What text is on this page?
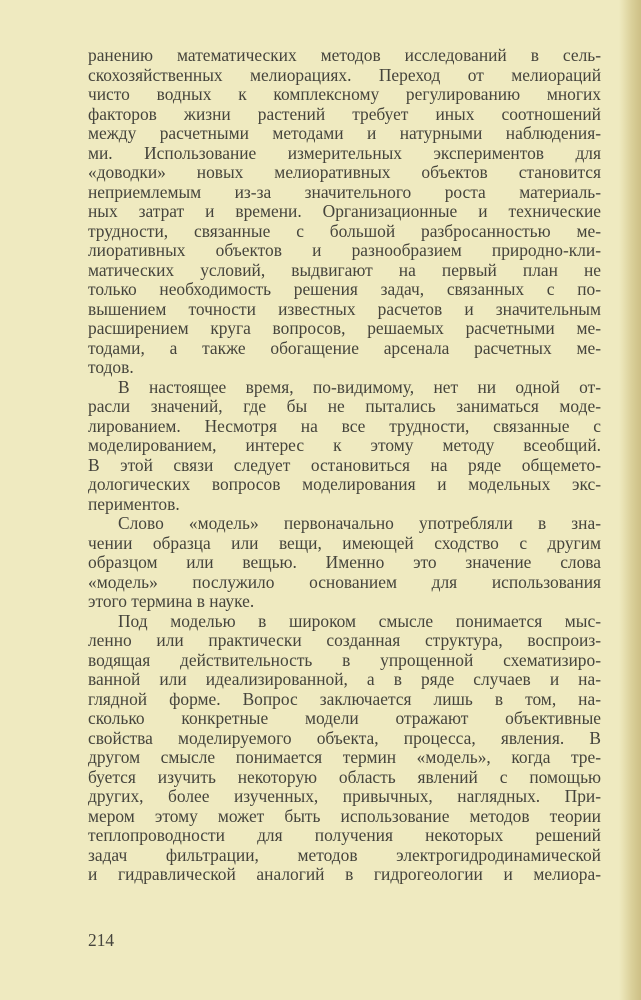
ранению математических методов исследований в сель-
скохозяйственных мелиорациях. Переход от мелиораций
чисто водных к комплексному регулированию многих
факторов жизни растений требует иных соотношений
между расчетными методами и натурными наблюдения-
ми. Использование измерительных экспериментов для
«доводки» новых мелиоративных объектов становится
неприемлемым из-за значительного роста материаль-
ных затрат и времени. Организационные и технические
трудности, связанные с большой разбросанностью ме-
лиоративных объектов и разнообразием природно-кли-
матических условий, выдвигают на первый план не
только необходимость решения задач, связанных с по-
вышением точности известных расчетов и значительным
расширением круга вопросов, решаемых расчетными ме-
тодами, а также обогащение арсенала расчетных ме-
тодов.
В настоящее время, по-видимому, нет ни одной от-
расли значений, где бы не пытались заниматься моде-
лированием. Несмотря на все трудности, связанные с
моделированием, интерес к этому методу всеобщий.
В этой связи следует остановиться на ряде общемето-
дологических вопросов моделирования и модельных экс-
периментов.
Слово «модель» первоначально употребляли в зна-
чении образца или вещи, имеющей сходство с другим
образцом или вещью. Именно это значение слова
«модель» послужило основанием для использования
этого термина в науке.
Под моделью в широком смысле понимается мыс-
ленно или практически созданная структура, воспроиз-
водящая действительность в упрощенной схематизиро-
ванной или идеализированной, а в ряде случаев и на-
глядной форме. Вопрос заключается лишь в том, на-
сколько конкретные модели отражают объективные
свойства моделируемого объекта, процесса, явления. В
другом смысле понимается термин «модель», когда тре-
буется изучить некоторую область явлений с помощью
других, более изученных, привычных, наглядных. При-
мером этому может быть использование методов теории
теплопроводности для получения некоторых решений
задач фильтрации, методов электрогидродинамической
и гидравлической аналогий в гидрогеологии и мелиора-
214
